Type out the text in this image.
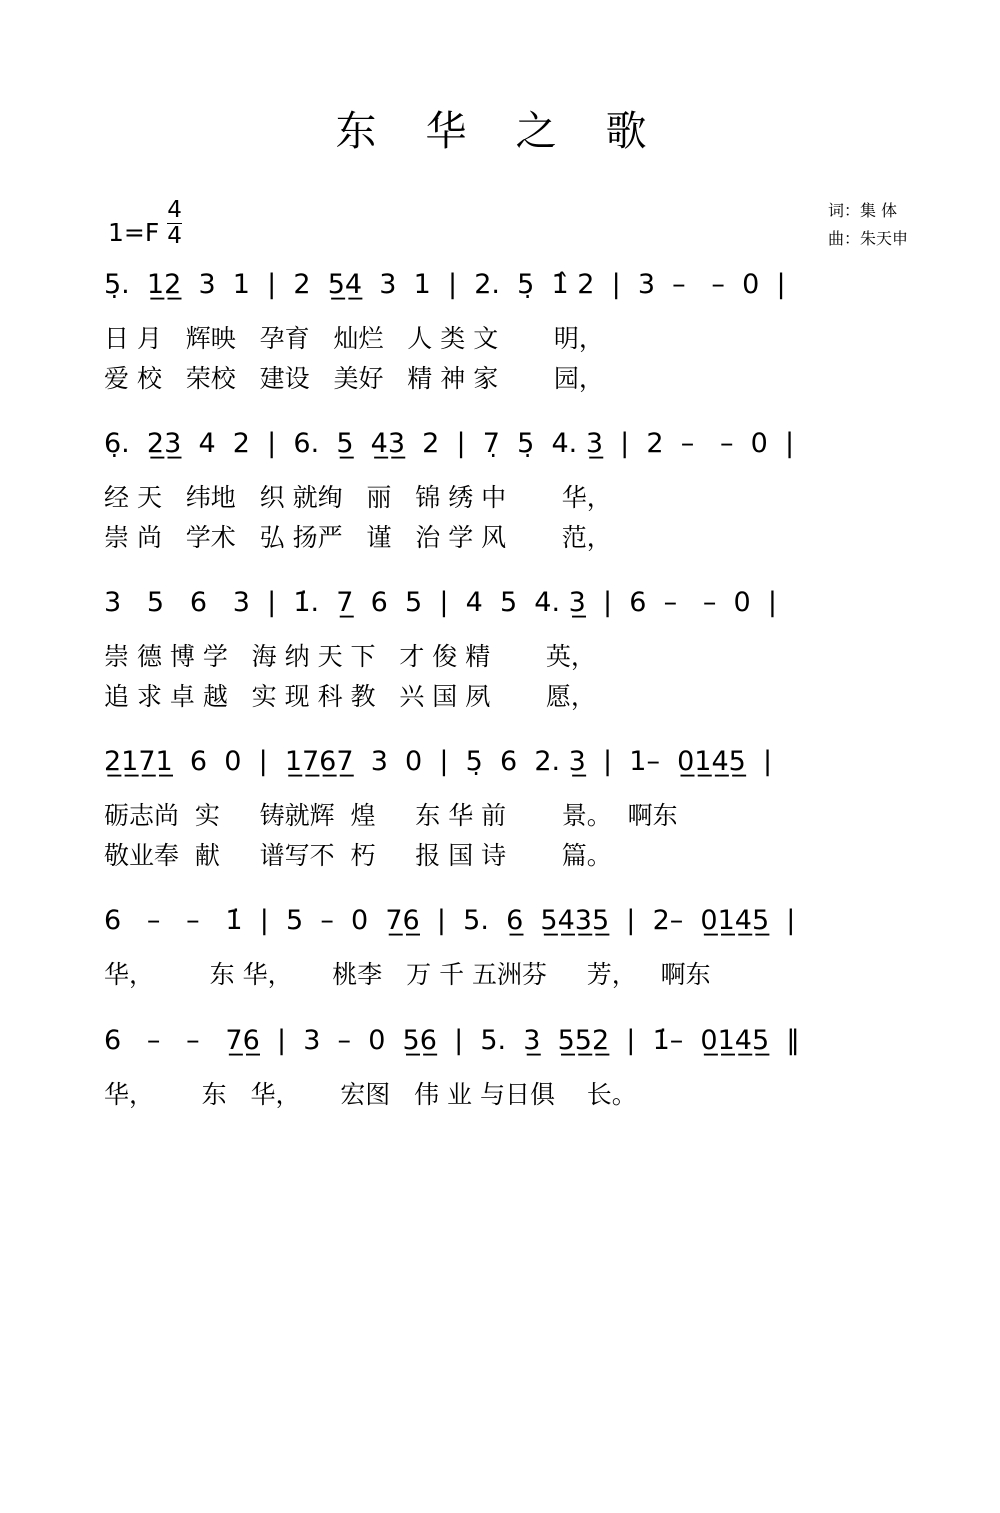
东 华 之 歌
$1=F \frac{4}{4}$	词：集 体
曲：朱天申
5̣.  1̲2̲  3  1  |  2  5̲4̲  3  1  |  2.  5̣  1̂ 2  |  3  –   –  0  |
日 月   辉映   孕育   灿烂   人 类 文       明，
爱 校   荣校   建设   美好   精 神 家       园，
6̣.  2̲3̲  4  2  |  6.  5̲  4̲3̲  2  |  7̣  5̣  4. 3̲  |  2  –   –  0  |
经 天   纬地   织 就绚   丽   锦 绣 中       华，
崇 尚   学术   弘 扬严   谨   治 学 风       范，
3   5   6   3  |  1̇.  7̲  6  5  |  4  5  4. 3̲  |  6  –   –  0  |
崇 德 博 学   海 纳 天 下   才 俊 精       英，
追 求 卓 越   实 现 科 教   兴 国 夙       愿，
2̲1̲7̲1̲  6  0  |  1̲7̲6̲7̲  3  0  |  5̣  6  2. 3̲  |  1–  0̲1̲4̲5̲  |
砺志尚  实     铸就辉  煌     东 华 前       景。  啊东
敬业奉  献     谱写不  朽     报 国 诗       篇。
6   –   –   1̇  |  5  –  0  7̲6̲  |  5.  6̲  5̲4̲3̲5̲  |  2–  0̲1̲4̲5̲  |
华，       东 华，     桃李   万 千 五洲芬     芳，   啊东
6   –   –   7̲6̲  |  3  –  0  5̲6̲  |  5.  3̲  5̲5̲2̲  |  1̇–  0̲1̲4̲5̲  ‖
华，      东   华，     宏图   伟 业 与日俱    长。
